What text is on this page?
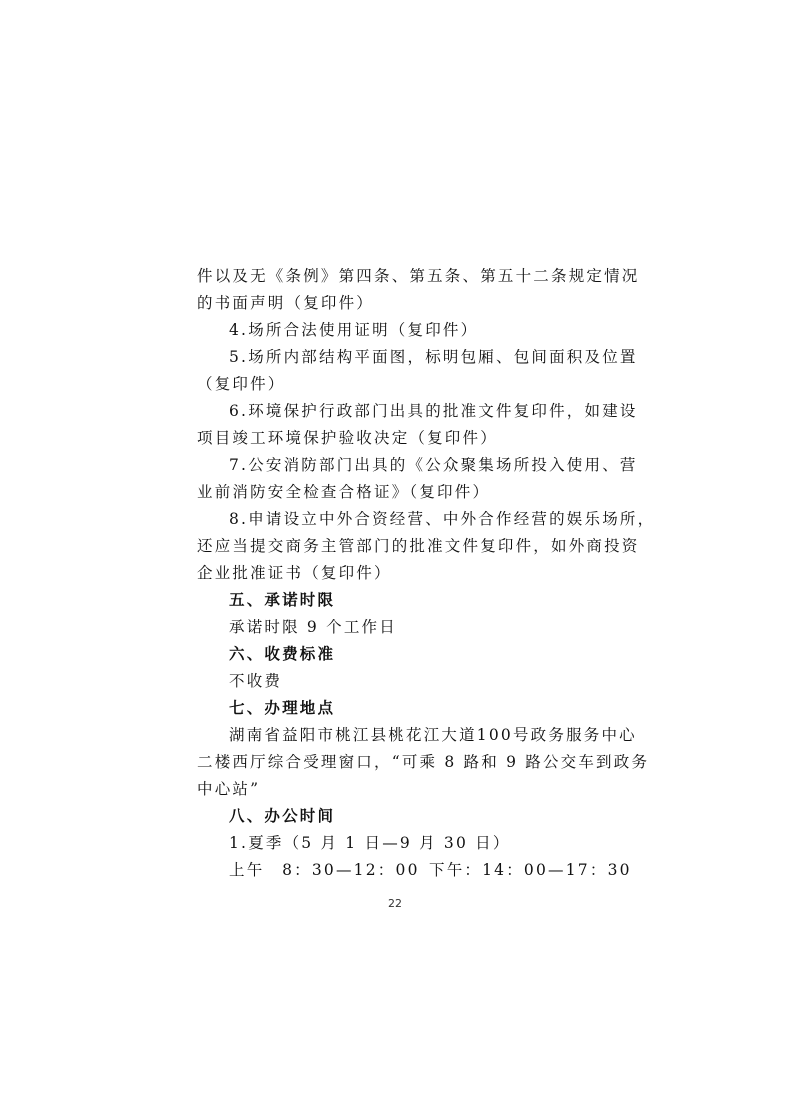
件以及无《条例》第四条、第五条、第五十二条规定情况
的书面声明（复印件）
4.场所合法使用证明（复印件）
5.场所内部结构平面图，标明包厢、包间面积及位置
（复印件）
6.环境保护行政部门出具的批准文件复印件，如建设
项目竣工环境保护验收决定（复印件）
7.公安消防部门出具的《公众聚集场所投入使用、营
业前消防安全检查合格证》（复印件）
8.申请设立中外合资经营、中外合作经营的娱乐场所，
还应当提交商务主管部门的批准文件复印件，如外商投资
企业批准证书（复印件）
五、承诺时限
承诺时限 9 个工作日
六、收费标准
不收费
七、办理地点
湖南省益阳市桃江县桃花江大道100号政务服务中心
二楼西厅综合受理窗口，“可乘 8 路和 9 路公交车到政务
中心站”
八、办公时间
1.夏季（5 月 1 日—9 月 30 日）
上午　8：30—12：00 下午：14：00—17：30
22
